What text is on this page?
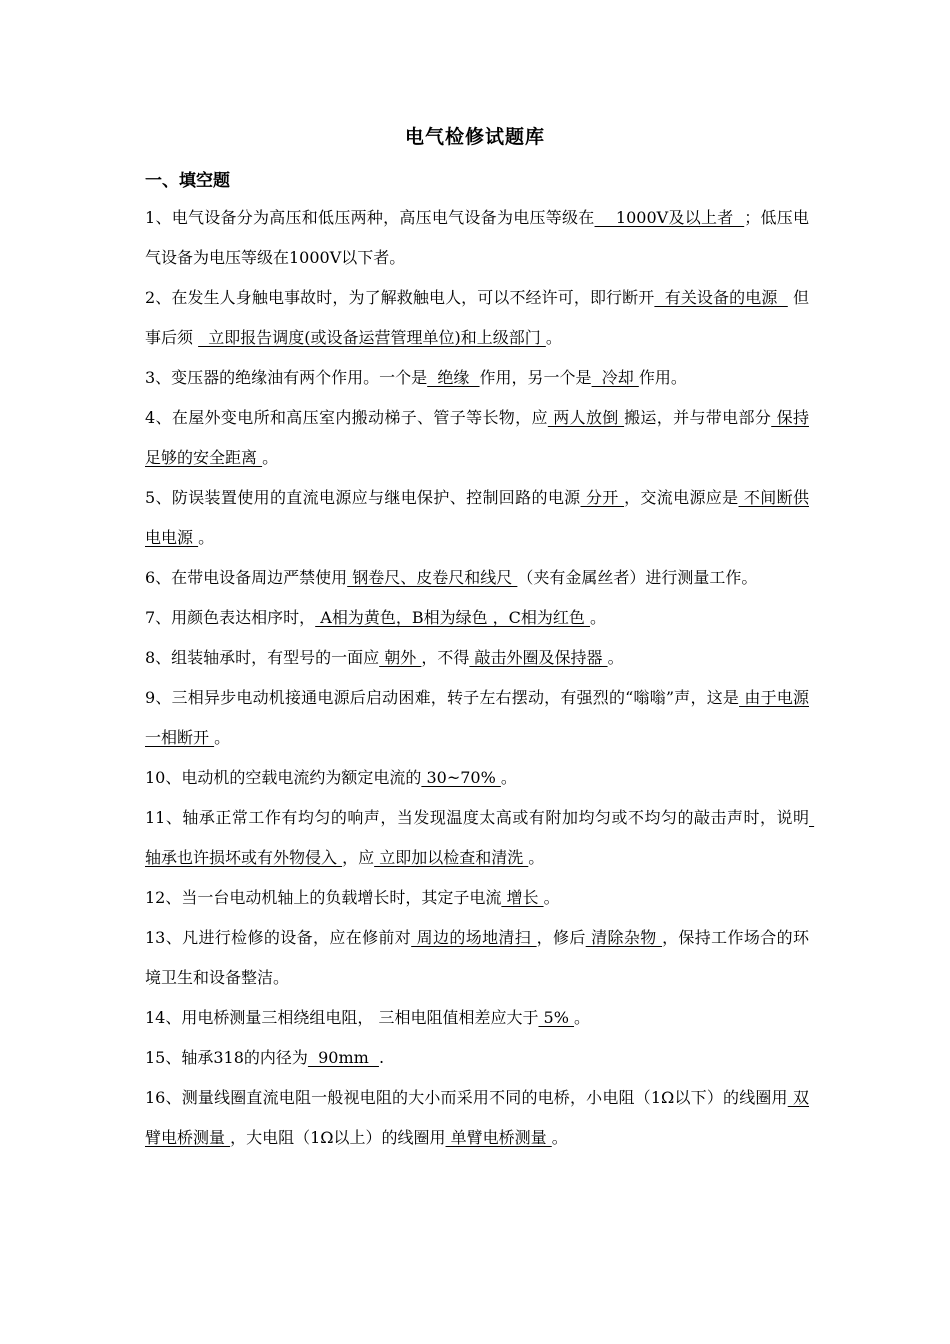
电气检修试题库
一、填空题

1、电气设备分为高压和低压两种，高压电气设备为电压等级在    1000V及以上者  ；低压电气设备为电压等级在1000V以下者。

2、在发生人身触电事故时，为了解救触电人，可以不经许可，即行断开  有关设备的电源   但事后须   立即报告调度(或设备运营管理单位)和上级部门 。

3、变压器的绝缘油有两个作用。一个是  绝缘  作用，另一个是  冷却 作用。

4、在屋外变电所和高压室内搬动梯子、管子等长物，应 两人放倒 搬运，并与带电部分 保持足够的安全距离 。

5、防误装置使用的直流电源应与继电保护、控制回路的电源 分开 ，交流电源应是 不间断供电电源 。

6、在带电设备周边严禁使用 钢卷尺、皮卷尺和线尺 （夹有金属丝者）进行测量工作。

7、用颜色表达相序时， A相为黄色，B相为绿色 ，C相为红色 。

8、组装轴承时，有型号的一面应 朝外 ，不得 敲击外圈及保持器 。

9、三相异步电动机接通电源后启动困难，转子左右摆动，有强烈的“嗡嗡”声，这是 由于电源一相断开 。

10、电动机的空载电流约为额定电流的 30~70% 。

11、轴承正常工作有均匀的响声，当发现温度太高或有附加均匀或不均匀的敲击声时，说明 轴承也许损坏或有外物侵入 ，应 立即加以检查和清洗 。

12、当一台电动机轴上的负载增长时，其定子电流 增长 。

13、凡进行检修的设备，应在修前对 周边的场地清扫 ，修后 清除杂物 ，保持工作场合的环境卫生和设备整洁。

14、用电桥测量三相绕组电阻， 三相电阻值相差应大于 5% 。

15、轴承318的内径为  90mm  .

16、测量线圈直流电阻一般视电阻的大小而采用不同的电桥，小电阻（1Ω以下）的线圈用 双臂电桥测量 ，大电阻（1Ω以上）的线圈用 单臂电桥测量 。
